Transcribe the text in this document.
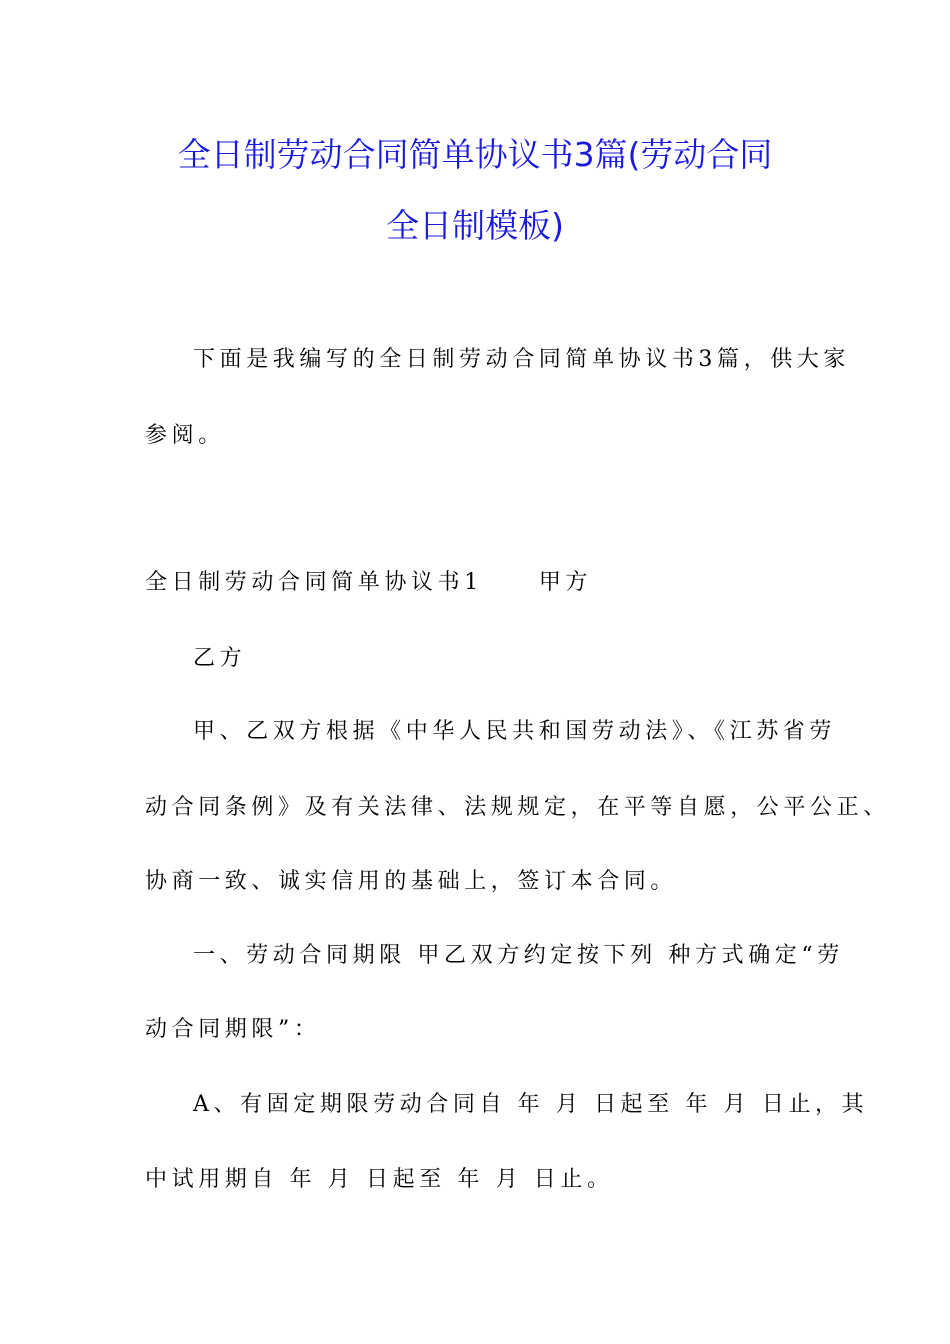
全日制劳动合同简单协议书3篇(劳动合同
全日制模板)
下面是我编写的全日制劳动合同简单协议书3篇，供大家
参阅。
全日制劳动合同简单协议书1	甲方
乙方
甲、乙双方根据《中华人民共和国劳动法》、《江苏省劳
动合同条例》及有关法律、法规规定，在平等自愿，公平公正、
协商一致、诚实信用的基础上，签订本合同。
一、劳动合同期限 甲乙双方约定按下列 种方式确定“劳
动合同期限”：
A、有固定期限劳动合同自 年 月 日起至 年 月 日止，其
中试用期自 年 月 日起至 年 月 日止。
